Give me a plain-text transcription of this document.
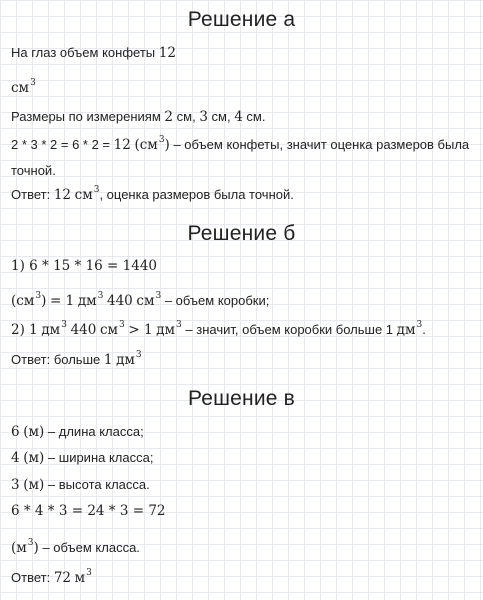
Решение а
На глаз объем конфеты 12
$см^3$
Размеры по измерениям 2 см, 3 см, 4 см.
2 * 3 * 2 = 6 * 2 = 12 $(см^3)$ – объем конфеты, значит оценка размеров была
точной.
Ответ: 12 $см^3$, оценка размеров была точной.
Решение б
1) 6 * 15 * 16 = 1440
$(см^3) = 1$ $дм^3$ 440 $см^3$ – объем коробки;
2) 1 $дм^3$ 440 $см^3 > 1$ $дм^3$ – значит, объем коробки больше 1 $дм^3$.
Ответ: больше 1 $дм^3$
Решение в
6 (м) – длина класса;
4 (м) – ширина класса;
3 (м) – высота класса.
6 * 4 * 3 = 24 * 3 = 72
$(м^3)$ – объем класса.
Ответ: 72 $м^3$
